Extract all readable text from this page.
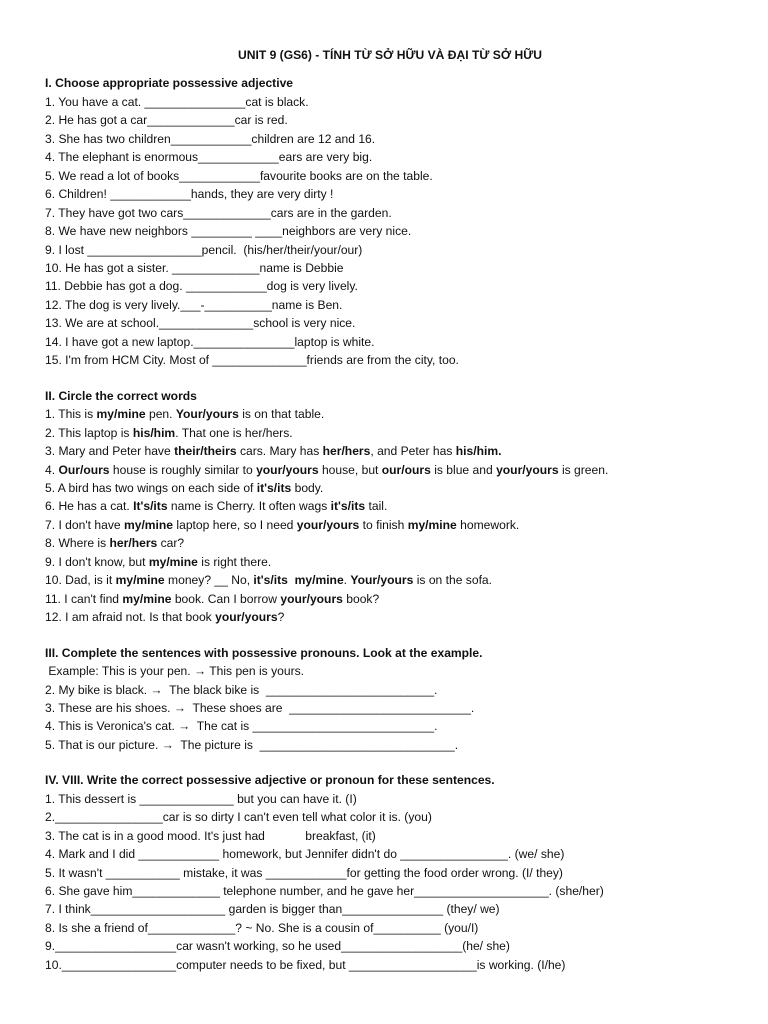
UNIT 9 (GS6) - TÍNH TỪ SỞ HỮU VÀ ĐẠI TỪ SỞ HỮU
I. Choose appropriate possessive adjective
1. You have a cat. _______________cat is black.
2. He has got a car_____________car is red.
3. She has two children____________children are 12 and 16.
4. The elephant is enormous____________ears are very big.
5. We read a lot of books____________favourite books are on the table.
6. Children! ____________hands, they are very dirty !
7. They have got two cars_____________cars are in the garden.
8. We have new neighbors _________ ____neighbors are very nice.
9. I lost _________________pencil.  (his/her/their/your/our)
10. He has got a sister. _____________name is Debbie
11. Debbie has got a dog. ____________dog is very lively.
12. The dog is very lively.___-__________name is Ben.
13. We are at school.______________school is very nice.
14. I have got a new laptop._______________laptop is white.
15. I'm from HCM City. Most of ______________friends are from the city, too.
II. Circle the correct words
1. This is my/mine pen. Your/yours is on that table.
2. This laptop is his/him. That one is her/hers.
3. Mary and Peter have their/theirs cars. Mary has her/hers, and Peter has his/him.
4. Our/ours house is roughly similar to your/yours house, but our/ours is blue and your/yours is green.
5. A bird has two wings on each side of it's/its body.
6. He has a cat. It's/its name is Cherry. It often wags it's/its tail.
7. I don't have my/mine laptop here, so I need your/yours to finish my/mine homework.
8. Where is her/hers car?
9. I don't know, but my/mine is right there.
10. Dad, is it my/mine money? __ No, it's/its  my/mine. Your/yours is on the sofa.
11. I can't find my/mine book. Can I borrow your/yours book?
12. I am afraid not. Is that book your/yours?
III. Complete the sentences with possessive pronouns. Look at the example.
Example: This is your pen. → This pen is yours.
2. My bike is black. →  The black bike is  _________________________.
3. These are his shoes. →  These shoes are  ___________________________.
4. This is Veronica's cat. →  The cat is ___________________________.
5. That is our picture. →  The picture is  _____________________________.
IV. VIII. Write the correct possessive adjective or pronoun for these sentences.
1. This dessert is ______________ but you can have it. (I)
2.________________car is so dirty I can't even tell what color it is. (you)
3. The cat is in a good mood. It's just had            breakfast, (it)
4. Mark and I did ____________ homework, but Jennifer didn't do ________________. (we/ she)
5. It wasn't ___________ mistake, it was ____________for getting the food order wrong. (I/ they)
6. She gave him_____________ telephone number, and he gave her____________________. (she/her)
7. I think____________________ garden is bigger than_______________ (they/ we)
8. Is she a friend of_____________? ~ No. She is a cousin of__________ (you/I)
9.__________________car wasn't working, so he used__________________(he/ she)
10._________________computer needs to be fixed, but ___________________is working. (I/he)
